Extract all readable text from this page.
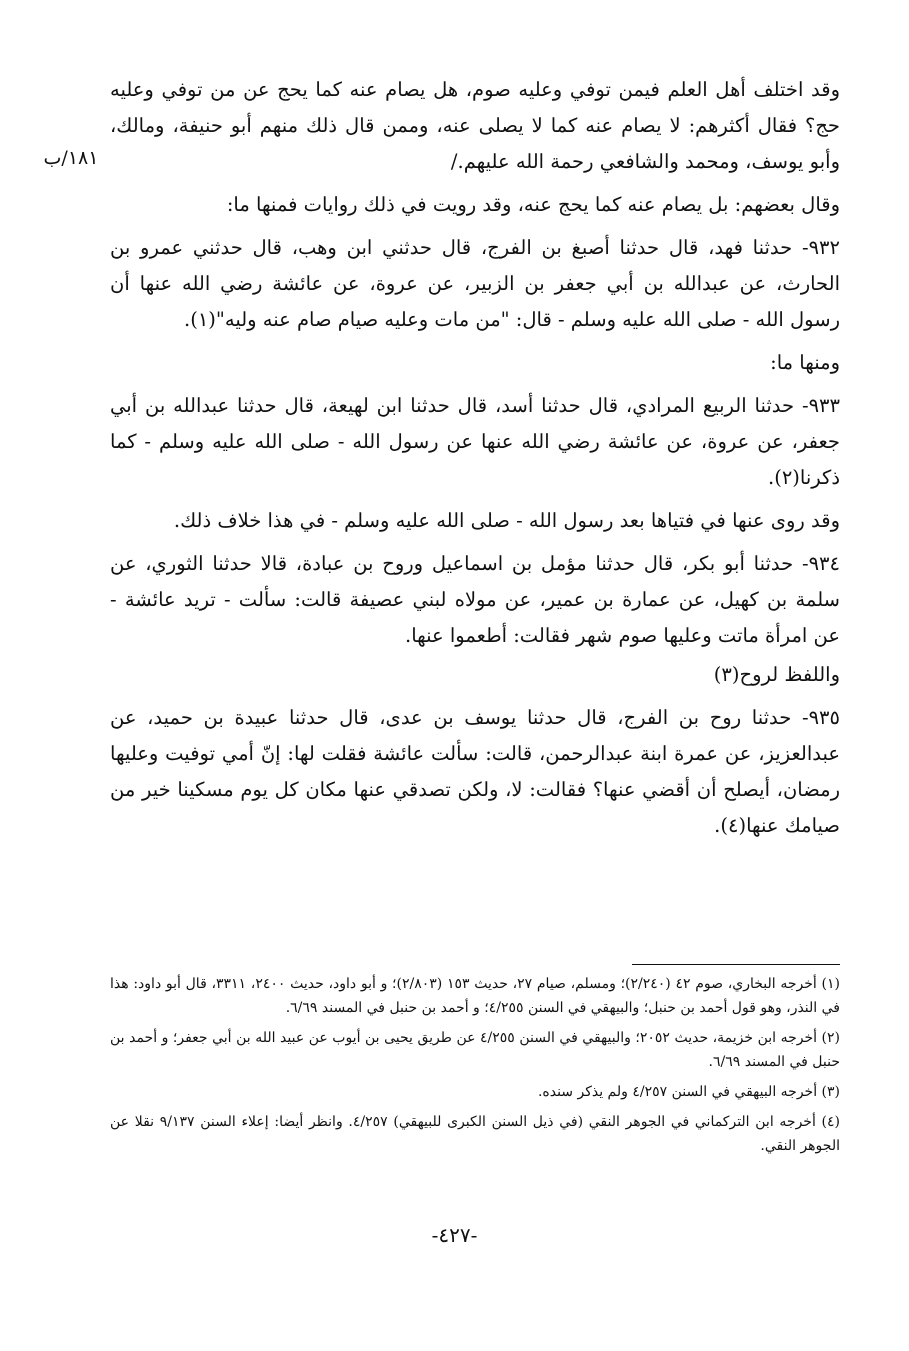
١٨١/ب

وقد اختلف أهل العلم فيمن توفي وعليه صوم، هل يصام عنه كما يحج عن من توفي وعليه حج؟ فقال أكثرهم: لا يصام عنه كما لا يصلى عنه، وممن قال ذلك منهم أبو حنيفة، ومالك، وأبو يوسف، ومحمد والشافعي رحمة الله عليهم./

وقال بعضهم: بل يصام عنه كما يحج عنه، وقد رويت في ذلك روايات فمنها ما:

٩٣٢- حدثنا فهد، قال حدثنا أصبغ بن الفرج، قال حدثني ابن وهب، قال حدثني عمرو بن الحارث، عن عبدالله بن أبي جعفر بن الزبير، عن عروة، عن عائشة رضي الله عنها أن رسول الله - صلى الله عليه وسلم - قال: "من مات وعليه صيام صام عنه وليه"(١).

ومنها ما:

٩٣٣- حدثنا الربيع المرادي، قال حدثنا أسد، قال حدثنا ابن لهيعة، قال حدثنا عبدالله بن أبي جعفر، عن عروة، عن عائشة رضي الله عنها عن رسول الله - صلى الله عليه وسلم - كما ذكرنا(٢).

وقد روى عنها في فتياها بعد رسول الله - صلى الله عليه وسلم - في هذا خلاف ذلك.

٩٣٤- حدثنا أبو بكر، قال حدثنا مؤمل بن اسماعيل وروح بن عبادة، قالا حدثنا الثوري، عن سلمة بن كهيل، عن عمارة بن عمير، عن مولاه لبني عصيفة قالت: سألت - تريد عائشة - عن امرأة ماتت وعليها صوم شهر فقالت: أطعموا عنها.

واللفظ لروح(٣)

٩٣٥- حدثنا روح بن الفرج، قال حدثنا يوسف بن عدى، قال حدثنا عبيدة بن حميد، عن عبدالعزيز، عن عمرة ابنة عبدالرحمن، قالت: سألت عائشة فقلت لها: إنّ أمي توفيت وعليها رمضان، أيصلح أن أقضي عنها؟ فقالت: لا، ولكن تصدقي عنها مكان كل يوم مسكينا خير من صيامك عنها(٤).

(١) أخرجه البخاري، صوم ٤٢ (٢/٢٤٠)؛ ومسلم، صيام ٢٧، حديث ١٥٣ (٢/٨٠٣)؛ و أبو داود، حديث ٢٤٠٠، ٣٣١١، قال أبو داود: هذا في النذر، وهو قول أحمد بن حنبل؛ والبيهقي في السنن ٤/٢٥٥؛ و أحمد بن حنبل في المسند ٦/٦٩.

(٢) أخرجه ابن خزيمة، حديث ٢٠٥٢؛ والبيهقي في السنن ٤/٢٥٥ عن طريق يحيى بن أيوب عن عبيد الله بن أبي جعفر؛ و أحمد بن حنبل في المسند ٦/٦٩.

(٣) أخرجه البيهقي في السنن ٤/٢٥٧ ولم يذكر سنده.

(٤) أخرجه ابن التركماني في الجوهر النقي (في ذيل السنن الكبرى للبيهقي) ٤/٢٥٧. وانظر أيضا: إعلاء السنن ٩/١٣٧ نقلا عن الجوهر النقي.

-٤٢٧-
